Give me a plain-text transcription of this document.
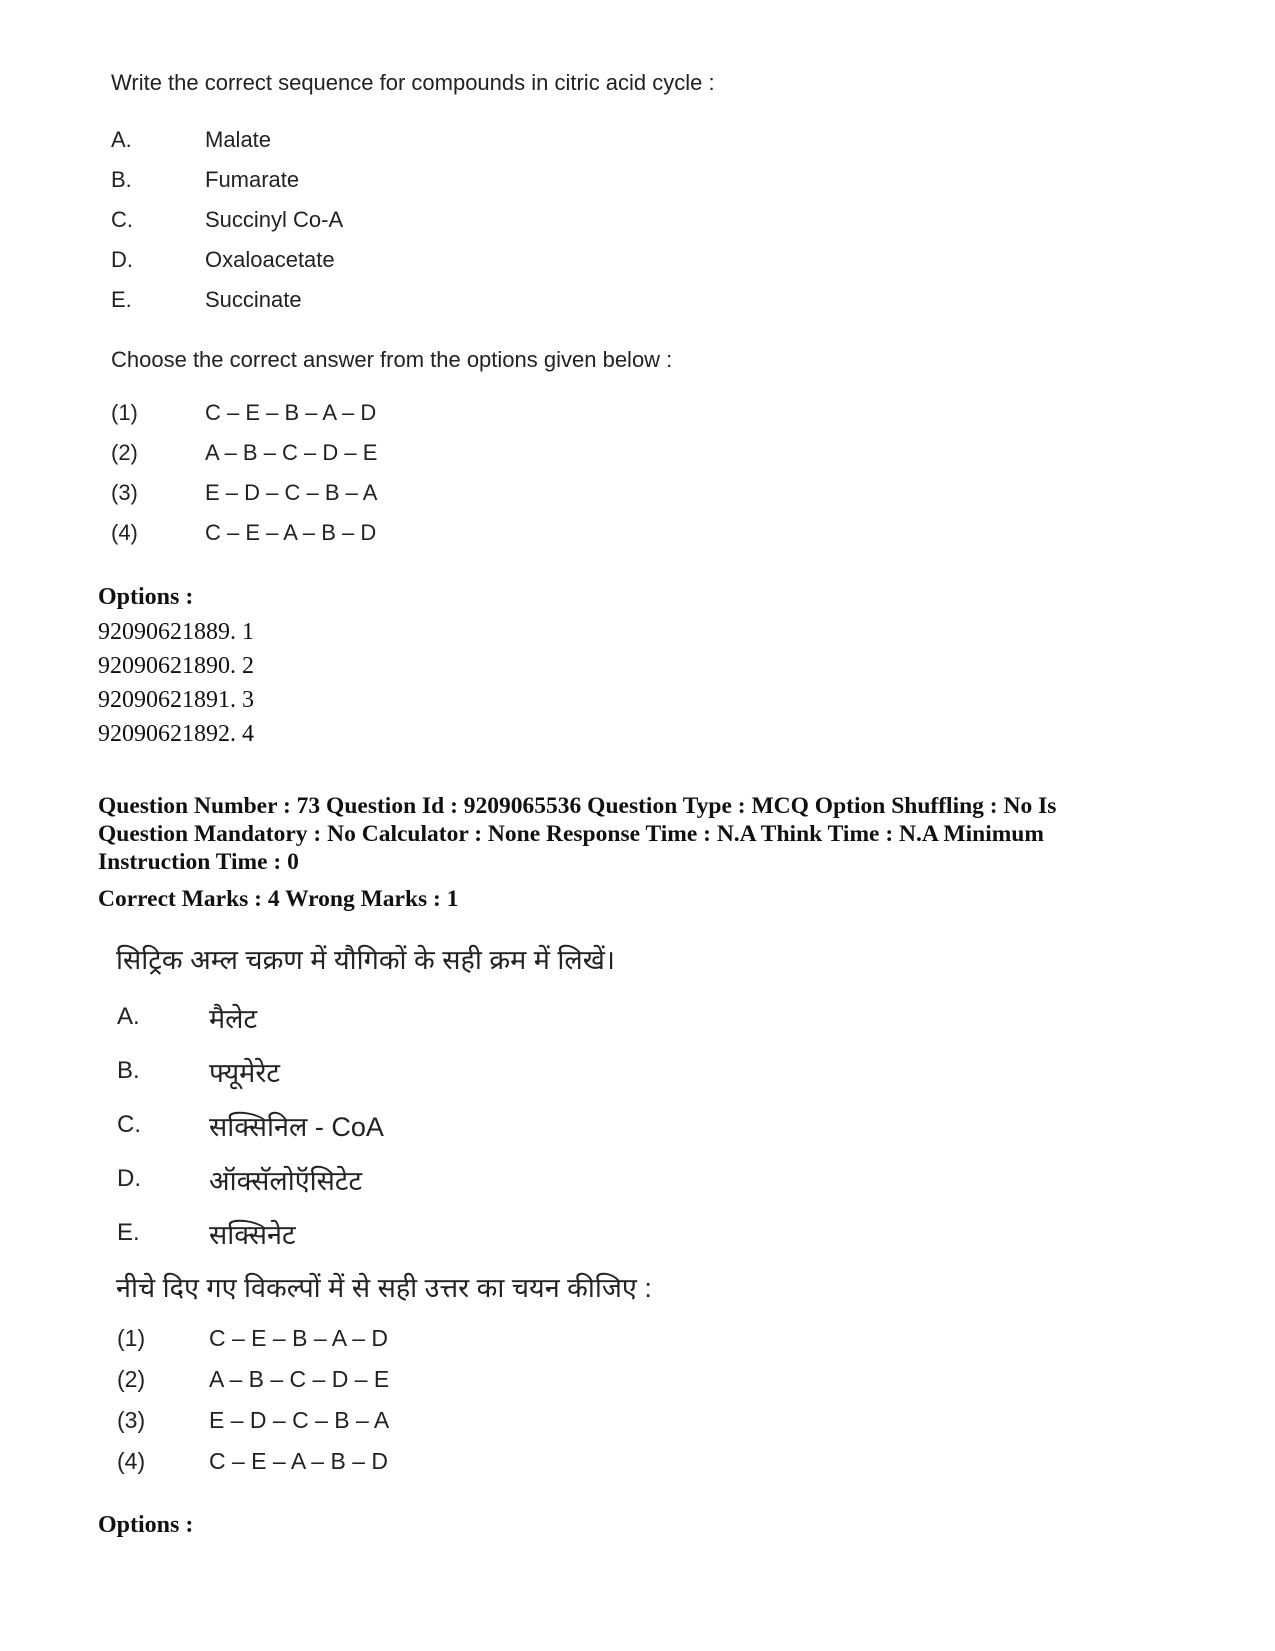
Write the correct sequence for compounds in citric acid cycle :
A.	Malate
B.	Fumarate
C.	Succinyl Co-A
D.	Oxaloacetate
E.	Succinate
Choose the correct answer from the options given below :
(1)	C – E – B – A – D
(2)	A – B – C – D – E
(3)	E – D – C – B – A
(4)	C – E – A – B – D
Options :
92090621889. 1
92090621890. 2
92090621891. 3
92090621892. 4
Question Number : 73 Question Id : 9209065536 Question Type : MCQ Option Shuffling : No Is
Question Mandatory : No Calculator : None Response Time : N.A Think Time : N.A Minimum
Instruction Time : 0
Correct Marks : 4 Wrong Marks : 1
सिट्रिक अम्ल चक्रण में यौगिकों के सही क्रम में लिखें।
A.	मैलेट
B.	फ्यूमेरेट
C.	सक्सिनिल - CoA
D.	ऑक्सॅलोऍसिटेट
E.	सक्सिनेट
नीचे दिए गए विकल्पों में से सही उत्तर का चयन कीजिए :
(1)	C – E – B – A – D
(2)	A – B – C – D – E
(3)	E – D – C – B – A
(4)	C – E – A – B – D
Options :
